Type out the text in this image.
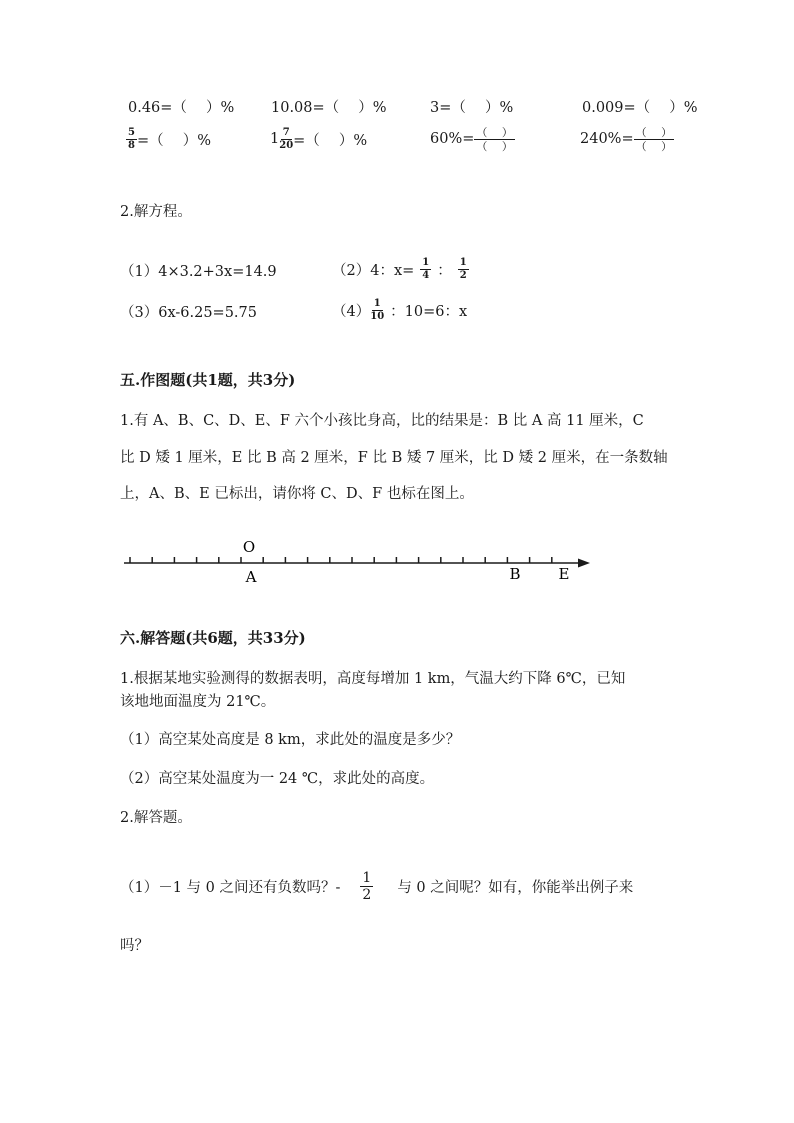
0.46=（　 ）%	10.08=（　 ）%	3=（　 ）%	0.009=（　 ）%
$\frac{5}{8}$ =（　 ）%	$1 \frac{7}{20}$ =（　 ）%	$60\%= \frac{( )}{( )}$	$240\%= \frac{( )}{( )}$
2.解方程。
（1）4×3.2+3x=14.9	（2）4：$x= \frac{1}{4}$ ： $\frac{1}{2}$
（3）6x-6.25=5.75	$(4) \frac{1}{10}$ ：10=6：x
五.作图题(共1题，共3分)
1.有 A、B、C、D、E、F 六个小孩比身高，比的结果是：B 比 A 高 11 厘米，C
比 D 矮 1 厘米，E 比 B 高 2 厘米，F 比 B 矮 7 厘米，比 D 矮 2 厘米，在一条数轴
上，A、B、E 已标出，请你将 C、D、F 也标在图上。
O
A	B	E
六.解答题(共6题，共33分)
1.根据某地实验测得的数据表明，高度每增加 1 km，气温大约下降 6℃，已知
该地地面温度为 21℃。
（1）高空某处高度是 8 km，求此处的温度是多少？
（2）高空某处温度为一 24 ℃，求此处的高度。
2.解答题。
（1）－1 与 0 之间还有负数吗？- $\frac{1}{2}$ 与 0 之间呢？如有，你能举出例子来
吗？
